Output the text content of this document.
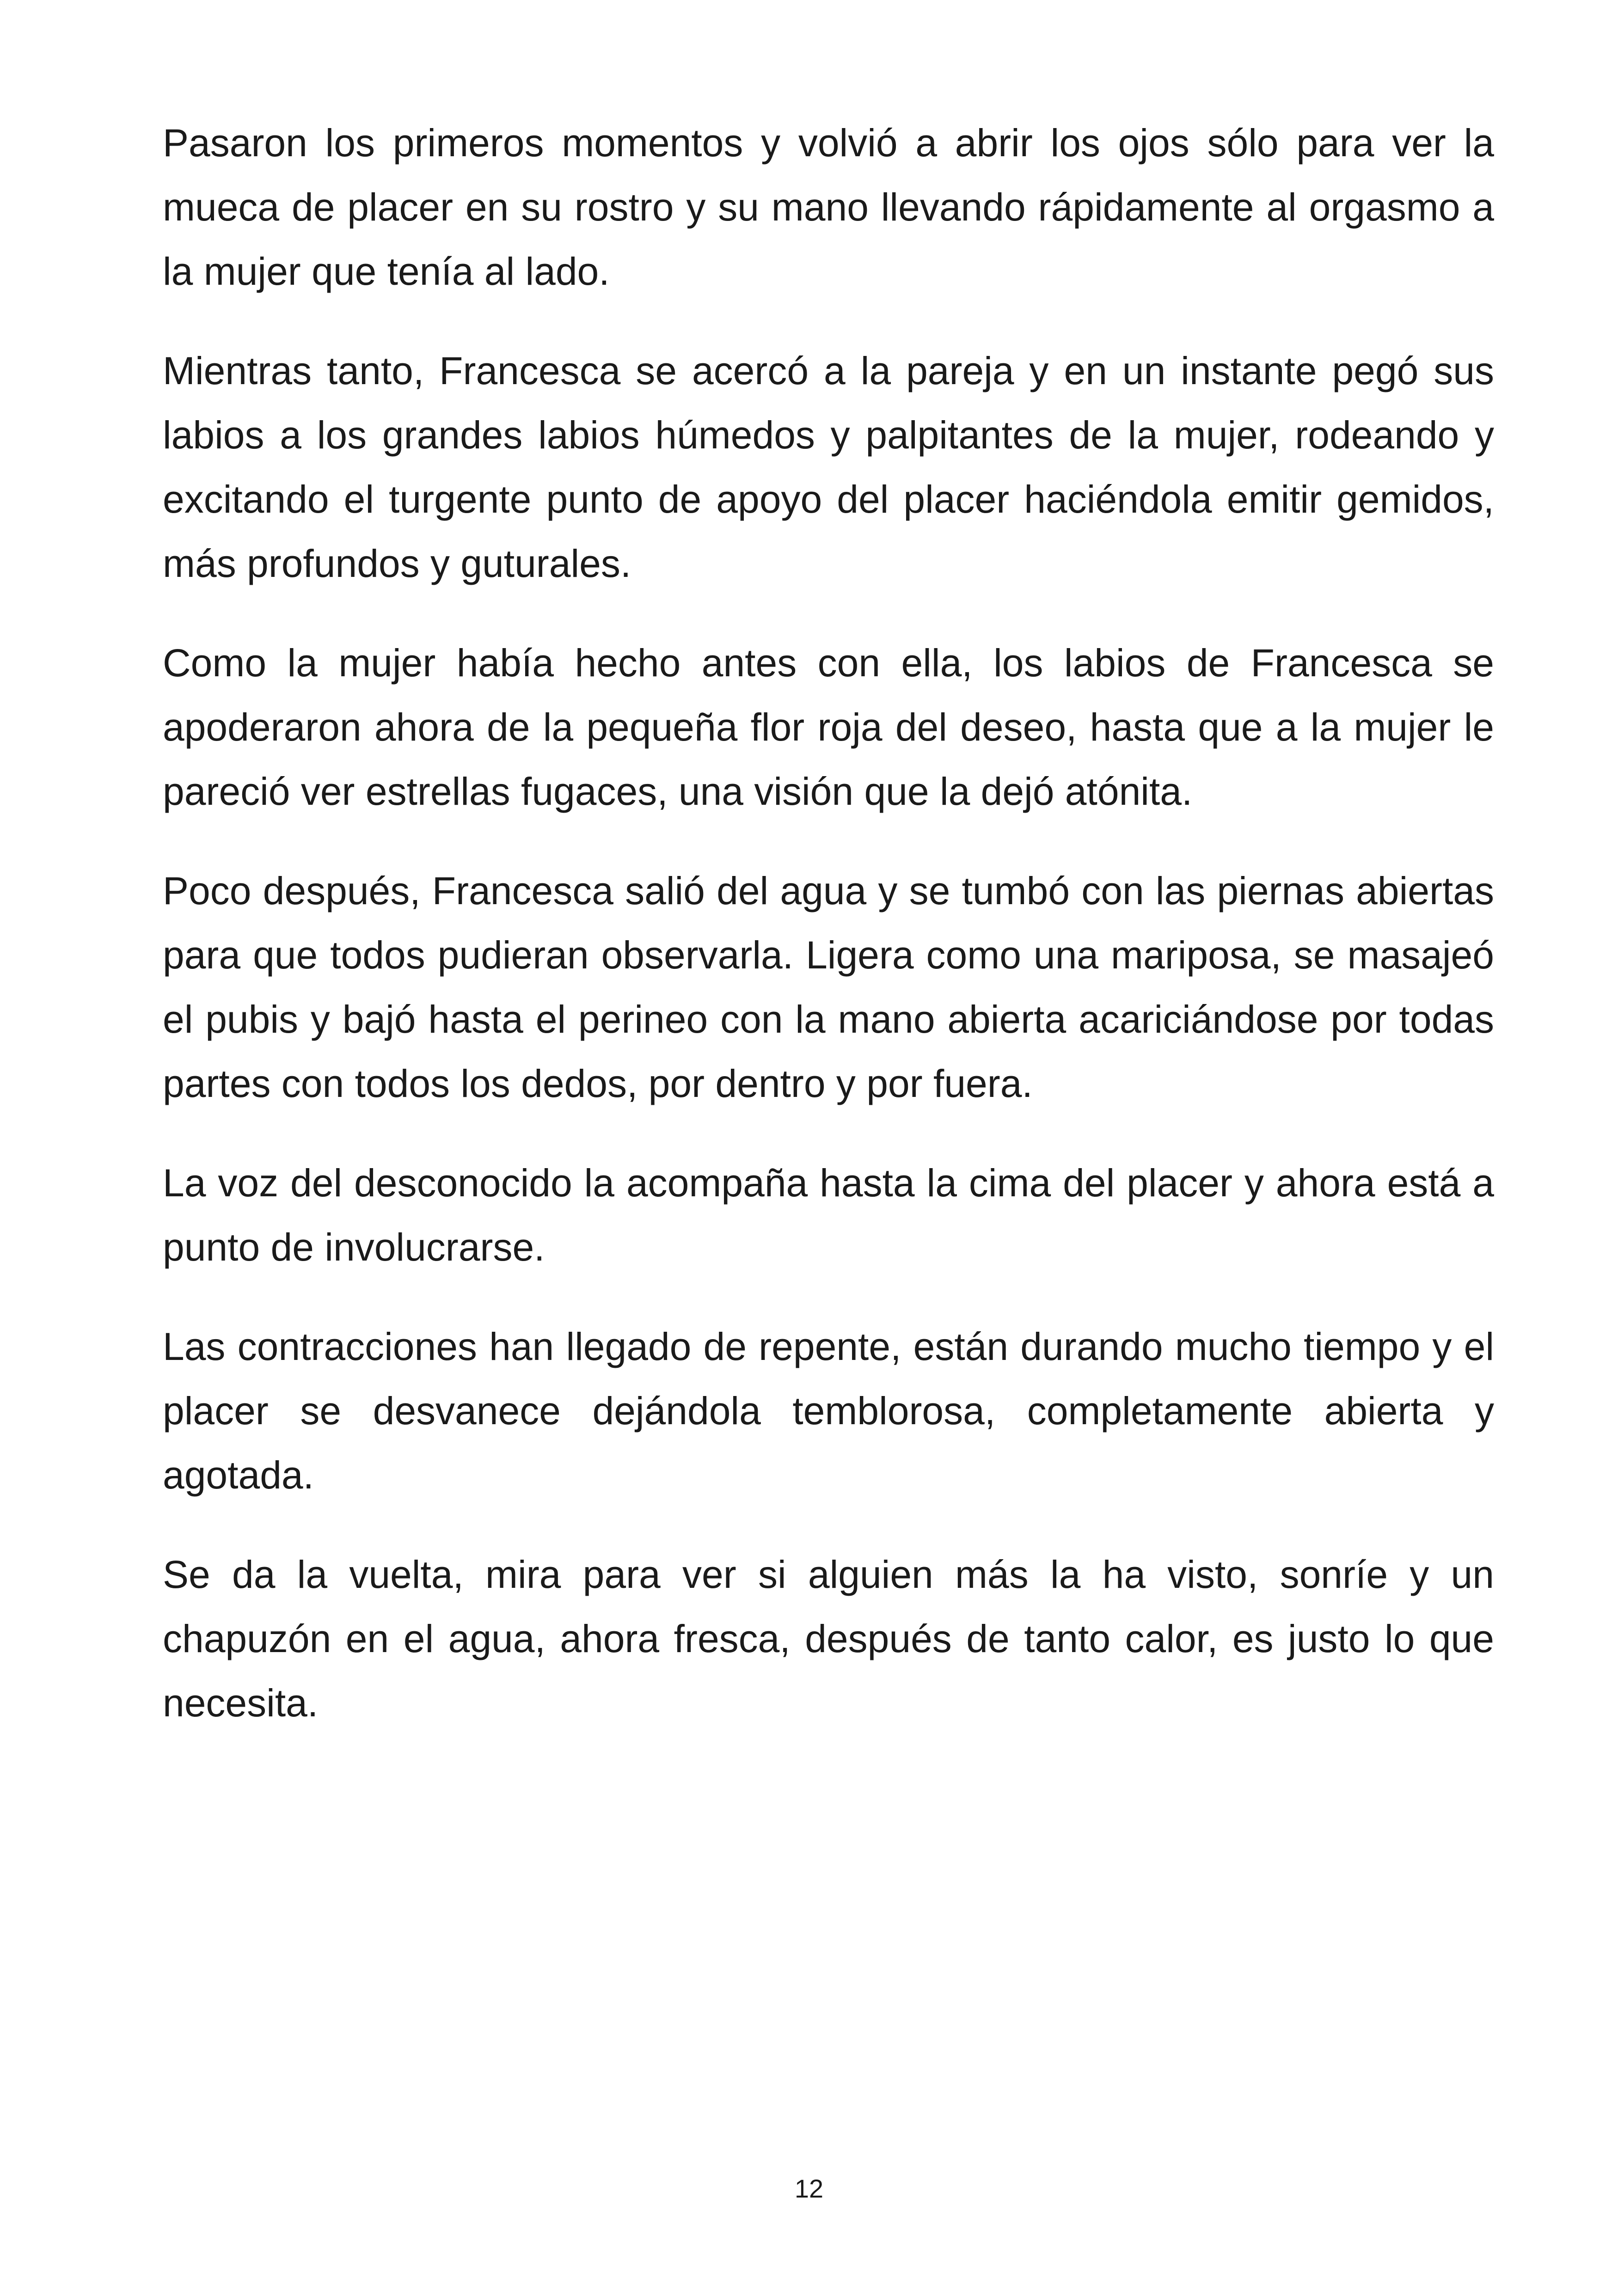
Pasaron los primeros momentos y volvió a abrir los ojos sólo para ver la mueca de placer en su rostro y su mano llevando rápidamente al orgasmo a la mujer que tenía al lado.

Mientras tanto, Francesca se acercó a la pareja y en un instante pegó sus labios a los grandes labios húmedos y palpitantes de la mujer, rodeando y excitando el turgente punto de apoyo del placer haciéndola emitir gemidos, más profundos y guturales.

Como la mujer había hecho antes con ella, los labios de Francesca se apoderaron ahora de la pequeña flor roja del deseo, hasta que a la mujer le pareció ver estrellas fugaces, una visión que la dejó atónita.

Poco después, Francesca salió del agua y se tumbó con las piernas abiertas para que todos pudieran observarla. Ligera como una mariposa, se masajeó el pubis y bajó hasta el perineo con la mano abierta acariciándose por todas partes con todos los dedos, por dentro y por fuera.

La voz del desconocido la acompaña hasta la cima del placer y ahora está a punto de involucrarse.

Las contracciones han llegado de repente, están durando mucho tiempo y el placer se desvanece dejándola temblorosa, completamente abierta y agotada.

Se da la vuelta, mira para ver si alguien más la ha visto, sonríe y un chapuzón en el agua, ahora fresca, después de tanto calor, es justo lo que necesita.

12
